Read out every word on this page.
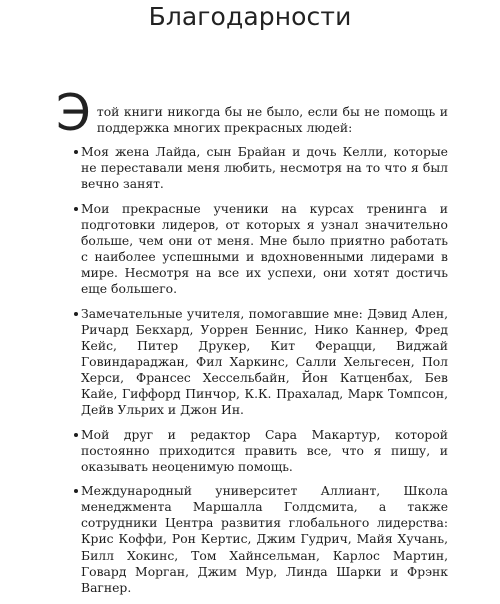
Благодарности

Э той книги никогда бы не было, если бы не помощь и поддержка многих прекрасных людей:

Моя жена Лайда, сын Брайан и дочь Келли, которые не переставали меня любить, несмотря на то что я был вечно занят.
Мои прекрасные ученики на курсах тренинга и подготовки лидеров, от которых я узнал значительно больше, чем они от меня. Мне было приятно работать с наиболее успешными и вдохновенными лидерами в мире. Несмотря на все их успехи, они хотят достичь еще большего.
Замечательные учителя, помогавшие мне: Дэвид Ален, Ричард Бекхард, Уоррен Беннис, Нико Каннер, Фред Кейс, Питер Друкер, Кит Ферацци, Виджай Говиндараджан, Фил Харкинс, Салли Хельгесен, Пол Херси, Франсес Хессельбайн, Йон Катценбах, Бев Кайе, Гиффорд Пинчор, К.К. Прахалад, Марк Томпсон, Дейв Ульрих и Джон Ин.
Мой друг и редактор Сара Макартур, которой постоянно приходится править все, что я пишу, и оказывать неоценимую помощь.
Международный университет Аллиант, Школа менеджмента Маршалла Голдсмита, а также сотрудники Центра развития глобального лидерства: Крис Коффи, Рон Кертис, Джим Гудрич, Майя Хучань, Билл Хокинс, Том Хайнсельман, Карлос Мартин, Говард Морган, Джим Мур, Линда Шарки и Фрэнк Вагнер.
